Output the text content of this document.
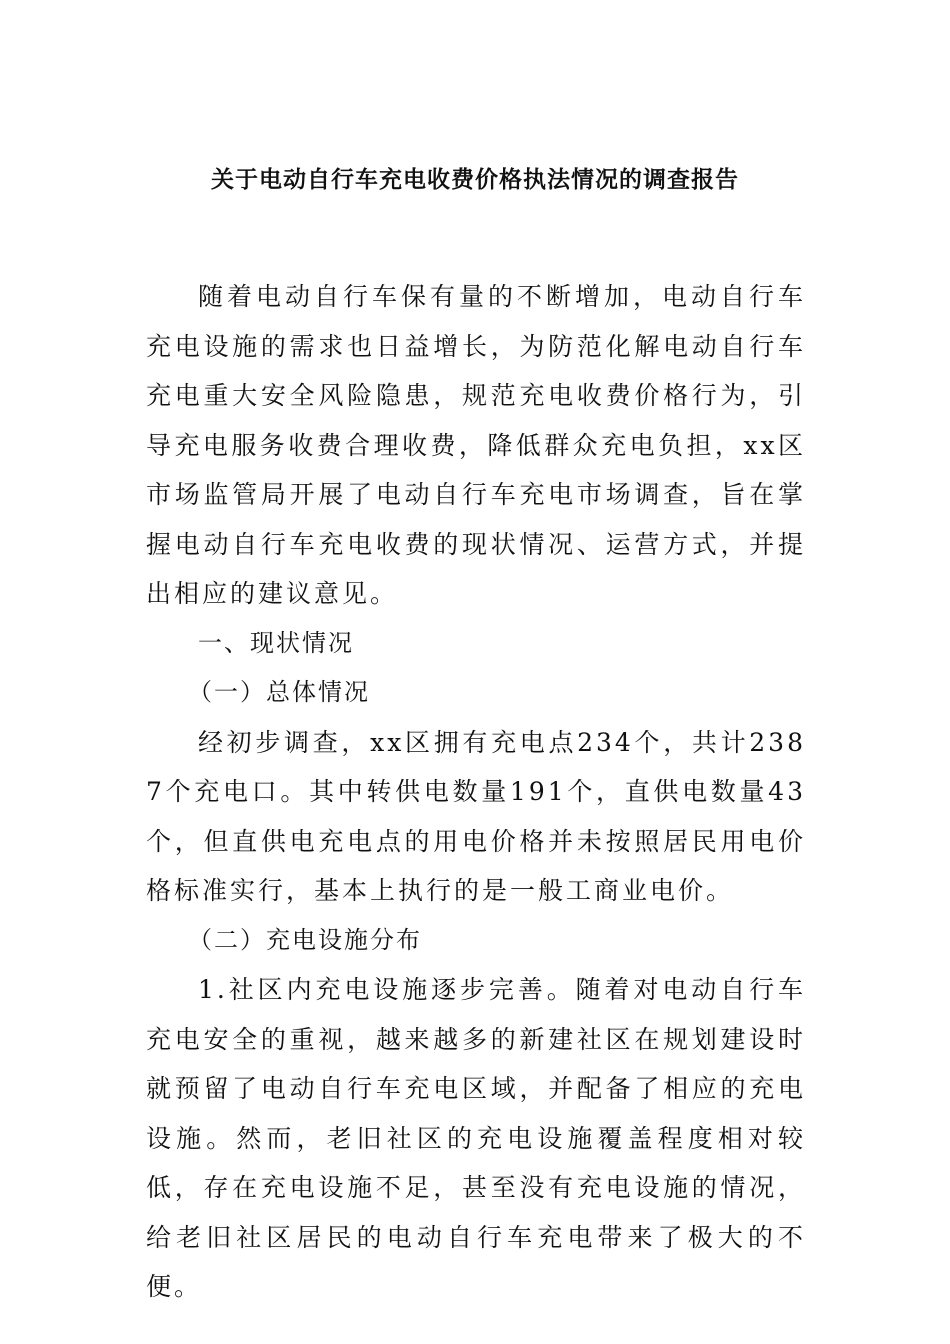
关于电动自行车充电收费价格执法情况的调查报告

随着电动自行车保有量的不断增加，电动自行车充电设施的需求也日益增长，为防范化解电动自行车充电重大安全风险隐患，规范充电收费价格行为，引导充电服务收费合理收费，降低群众充电负担，xx区市场监管局开展了电动自行车充电市场调查，旨在掌握电动自行车充电收费的现状情况、运营方式，并提出相应的建议意见。

一、现状情况

（一）总体情况

经初步调查，xx区拥有充电点234个，共计2387个充电口。其中转供电数量191个，直供电数量43个，但直供电充电点的用电价格并未按照居民用电价格标准实行，基本上执行的是一般工商业电价。

（二）充电设施分布

1.社区内充电设施逐步完善。随着对电动自行车充电安全的重视，越来越多的新建社区在规划建设时就预留了电动自行车充电区域，并配备了相应的充电设施。然而，老旧社区的充电设施覆盖程度相对较低，存在充电设施不足，甚至没有充电设施的情况，给老旧社区居民的电动自行车充电带来了极大的不便。
